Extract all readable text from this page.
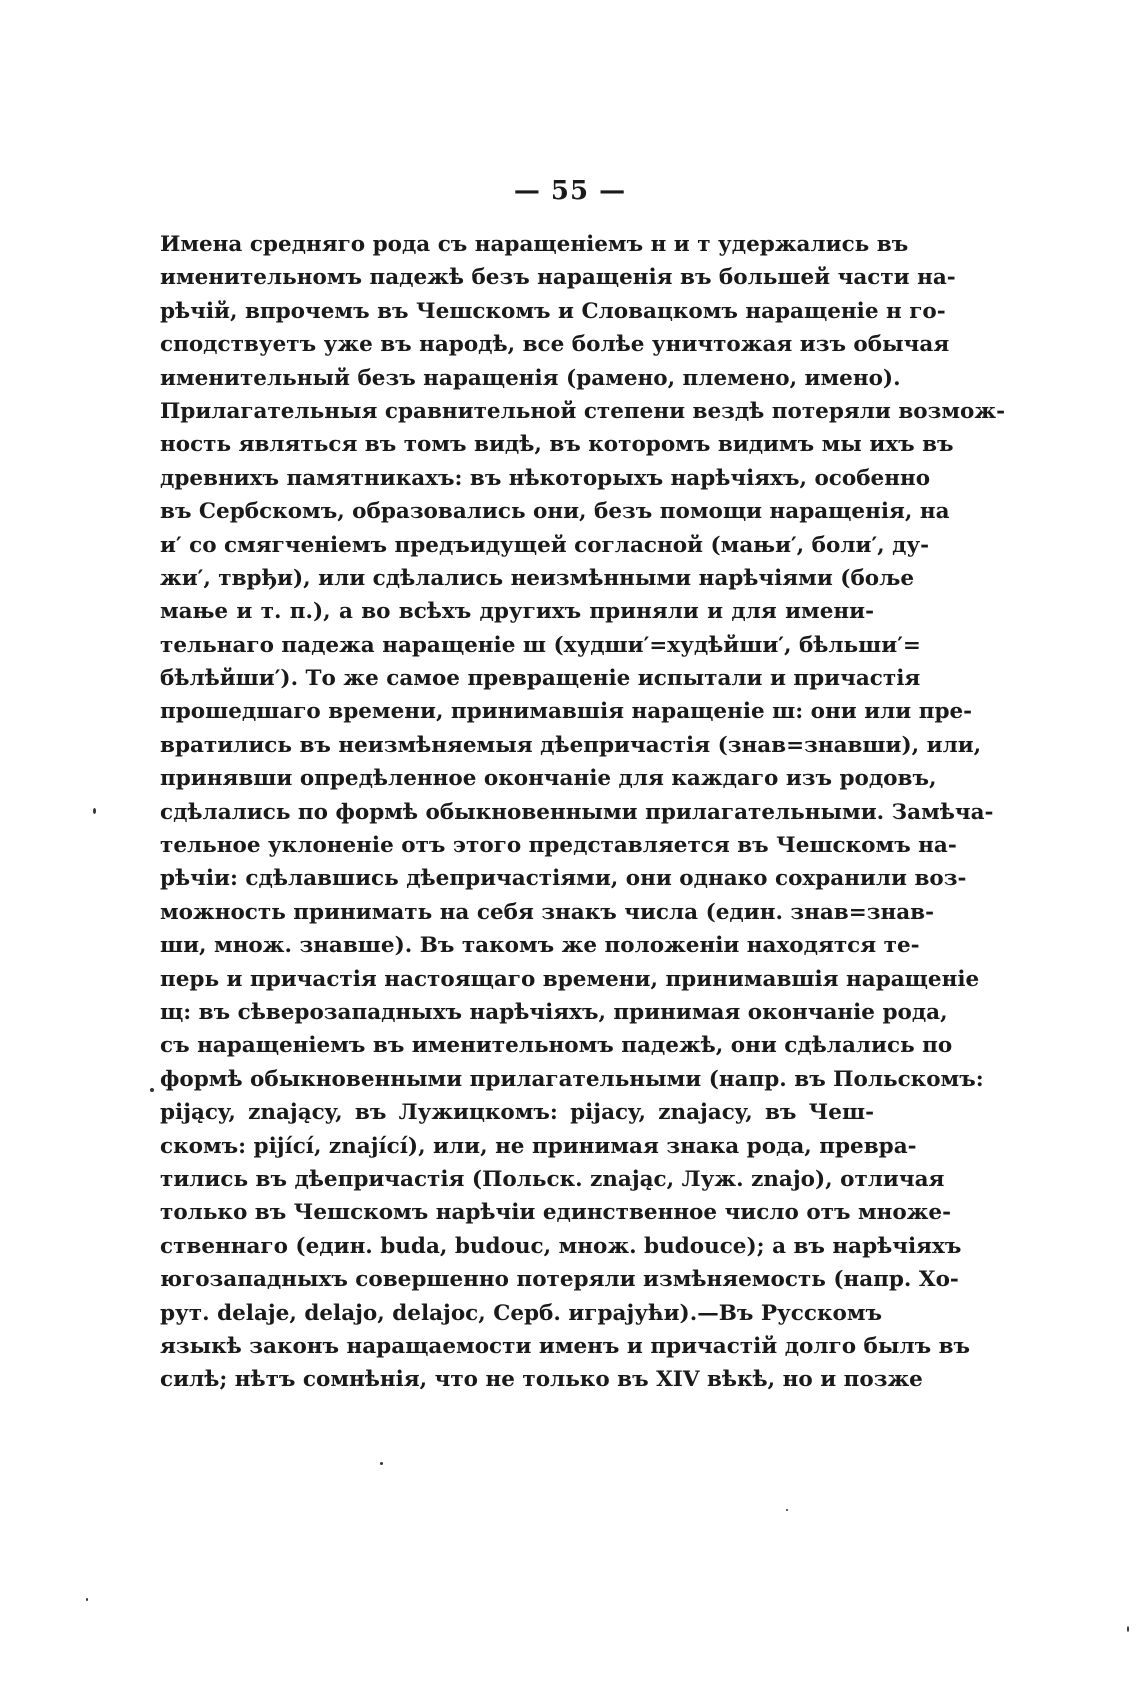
— 55 —
Имена средняго рода съ наращеніемъ н и т удержались въ
именительномъ падежѣ безъ наращенія въ большей части на-
рѣчій, впрочемъ въ Чешскомъ и Словацкомъ наращеніе н го-
сподствуетъ уже въ народѣ, все болѣе уничтожая изъ обычая
именительный безъ наращенія (рамено, племено, имено).
Прилагательныя сравнительной степени вездѣ потеряли возмож-
ность являться въ томъ видѣ, въ которомъ видимъ мы ихъ въ
древнихъ памятникахъ: въ нѣкоторыхъ нарѣчіяхъ, особенно
въ Сербскомъ, образовались они, безъ помощи наращенія, на
и′ со смягченіемъ предъидущей согласной (мањи′, боли′, ду-
жи′, тврђи), или сдѣлались неизмѣнными нарѣчіями (боље
мање и т. п.), а во всѣхъ другихъ приняли и для имени-
тельнаго падежа наращеніе ш (худши′=худѣйши′, бѣльши′=
бѣлѣйши′). То же самое превращеніе испытали и причастія
прошедшаго времени, принимавшія наращеніе ш: они или пре-
вратились въ неизмѣняемыя дѣепричастія (знав=знавши), или,
принявши опредѣленное окончаніе для каждаго изъ родовъ,
сдѣлались по формѣ обыкновенными прилагательными. Замѣча-
тельное уклоненіе отъ этого представляется въ Чешскомъ на-
рѣчіи: сдѣлавшись дѣепричастіями, они однако сохранили воз-
можность принимать на себя знакъ числа (един. знав=знав-
ши, множ. знавше). Въ такомъ же положеніи находятся те-
перь и причастія настоящаго времени, принимавшія наращеніе
щ: въ сѣверозападныхъ нарѣчіяхъ, принимая окончаніе рода,
съ наращеніемъ въ именительномъ падежѣ, они сдѣлались по
формѣ обыкновенными прилагательными (напр. въ Польскомъ:
pijący, znający, въ Лужицкомъ: pijacy, znajacy, въ Чеш-
скомъ: pijící, znající), или, не принимая знака рода, превра-
тились въ дѣепричастія (Польск. znając, Луж. znajo), отличая
только въ Чешскомъ нарѣчіи единственное число отъ множе-
ственнаго (един. buda, budouc, множ. budouce); а въ нарѣчіяхъ
югозападныхъ совершенно потеряли измѣняемость (напр. Хо-
рут. delaje, delajo, delajoc, Серб. играјући).—Въ Русскомъ
языкѣ законъ наращаемости именъ и причастій долго былъ въ
силѣ; нѣтъ сомнѣнія, что не только въ XIV вѣкѣ, но и позже
